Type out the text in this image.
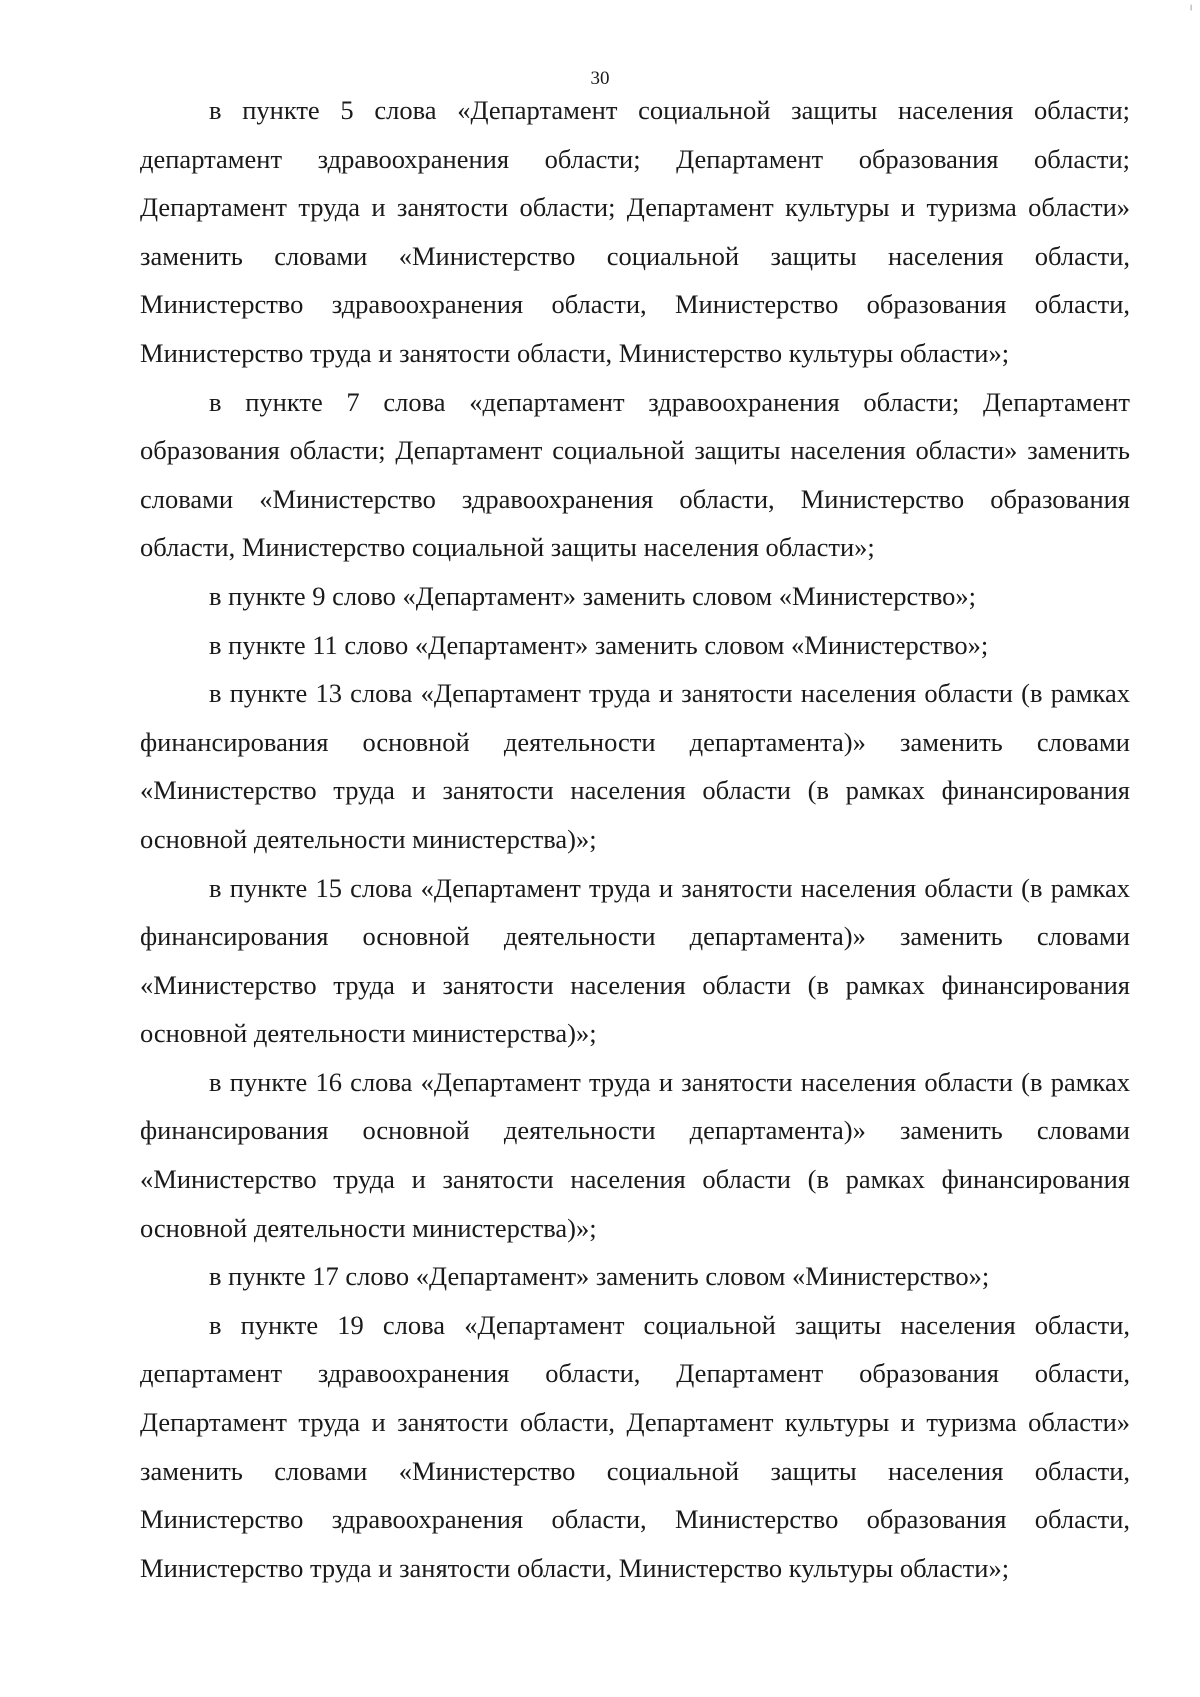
╷
30

в пункте 5 слова «Департамент социальной защиты населения области; департамент здравоохранения области; Департамент образования области; Департамент труда и занятости области; Департамент культуры и туризма области» заменить словами «Министерство социальной защиты населения области, Министерство здравоохранения области, Министерство образования области, Министерство труда и занятости области, Министерство культуры области»;

в пункте 7 слова «департамент здравоохранения области; Департамент образования области; Департамент социальной защиты населения области» заменить словами «Министерство здравоохранения области, Министерство образования области, Министерство социальной защиты населения области»;

в пункте 9 слово «Департамент» заменить словом «Министерство»;

в пункте 11 слово «Департамент» заменить словом «Министерство»;

в пункте 13 слова «Департамент труда и занятости населения области (в рамках финансирования основной деятельности департамента)» заменить словами «Министерство труда и занятости населения области (в рамках финансирования основной деятельности министерства)»;

в пункте 15 слова «Департамент труда и занятости населения области (в рамках финансирования основной деятельности департамента)» заменить словами «Министерство труда и занятости населения области (в рамках финансирования основной деятельности министерства)»;

в пункте 16 слова «Департамент труда и занятости населения области (в рамках финансирования основной деятельности департамента)» заменить словами «Министерство труда и занятости населения области (в рамках финансирования основной деятельности министерства)»;

в пункте 17 слово «Департамент» заменить словом «Министерство»;

в пункте 19 слова «Департамент социальной защиты населения области, департамент здравоохранения области, Департамент образования области, Департамент труда и занятости области, Департамент культуры и туризма области» заменить словами «Министерство социальной защиты населения области, Министерство здравоохранения области, Министерство образования области, Министерство труда и занятости области, Министерство культуры области»;
